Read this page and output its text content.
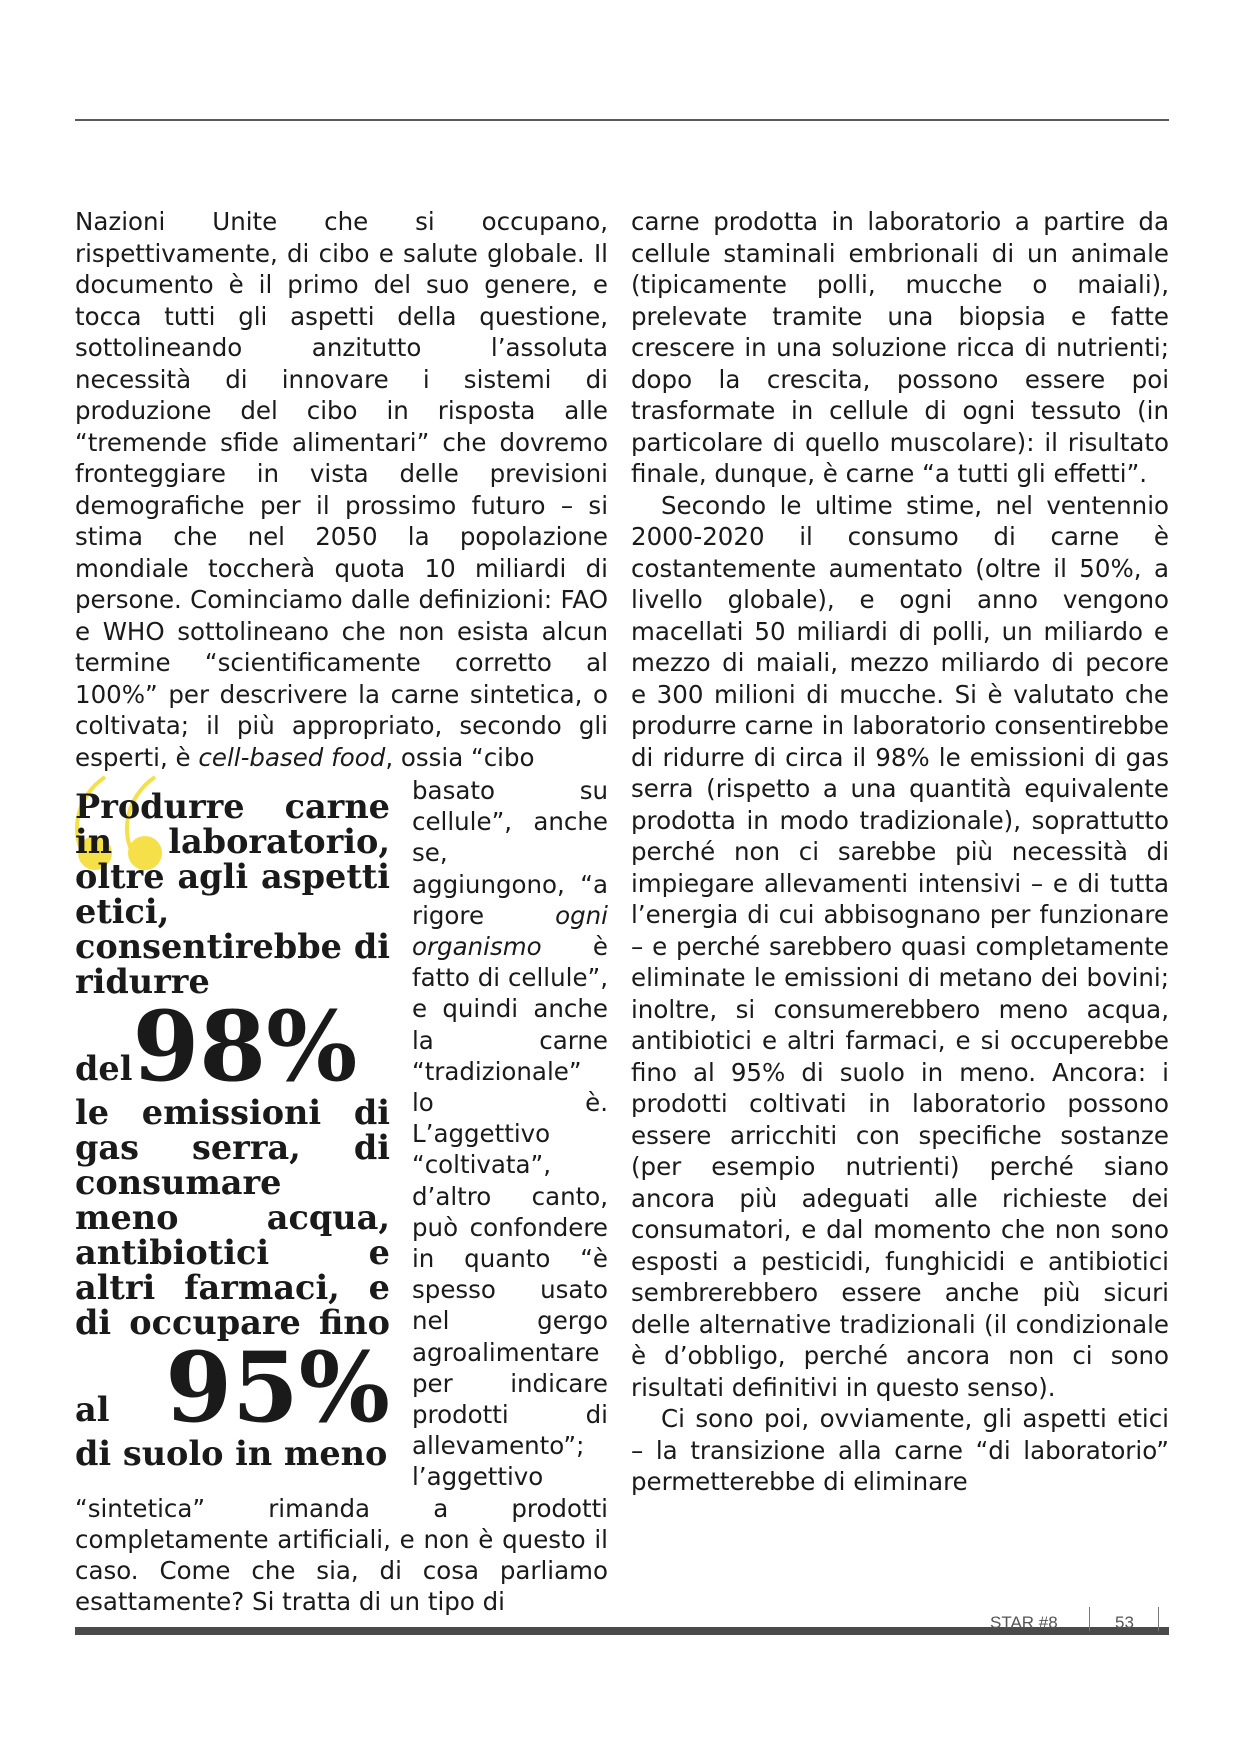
Nazioni Unite che si occupano, rispettivamente, di cibo e salute globale. Il documento è il primo del suo genere, e tocca tutti gli aspetti della questione, sottolineando anzitutto l’assoluta necessità di innovare i sistemi di produzione del cibo in risposta alle “tremende sfide alimentari” che dovremo fronteggiare in vista delle previsioni demografiche per il prossimo futuro – si stima che nel 2050 la popolazione mondiale toccherà quota 10 miliardi di persone. Cominciamo dalle definizioni: FAO e WHO sottolineano che non esista alcun termine “scientificamente corretto al 100%” per descrivere la carne sintetica, o coltivata; il più appropriato, secondo gli esperti, è cell-based food, ossia “cibo

Produrre carne in laboratorio, oltre agli aspetti etici, consentirebbe di ridurre del98% le emissioni di gas serra, di consumare meno acqua, antibiotici e altri farmaci, e di occupare fino al 95% di suolo in meno

basato su cellule”, anche se, aggiungono, “a rigore	ogni organismo è fatto di cellule”, e quindi anche la carne “tradizionale” lo è. L’aggettivo “coltivata”, d’altro canto, può confondere in quanto “è spesso usato nel gergo agroalimentare per indicare prodotti di allevamento”; l’aggettivo “sintetica” rimanda a prodotti completamente artificiali, e non è questo il caso. Come che sia, di cosa parliamo esattamente? Si tratta di un tipo di

carne prodotta in laboratorio a partire da cellule staminali embrionali di un animale (tipicamente polli, mucche o maiali), prelevate tramite una biopsia e fatte crescere in una soluzione ricca di nutrienti; dopo la crescita, possono essere poi trasformate in cellule di ogni tessuto (in particolare di quello muscolare): il risultato finale, dunque, è carne “a tutti gli effetti”.

Secondo le ultime stime, nel ventennio 2000-2020 il consumo di carne è costantemente aumentato (oltre il 50%, a livello globale), e ogni anno vengono macellati 50 miliardi di polli, un miliardo e mezzo di maiali, mezzo miliardo di pecore e 300 milioni di mucche. Si è valutato che produrre carne in laboratorio consentirebbe di ridurre di circa il 98% le emissioni di gas serra (rispetto a una quantità equivalente prodotta in modo tradizionale), soprattutto perché non ci sarebbe più necessità di impiegare allevamenti intensivi – e di tutta l’energia di cui abbisognano per funzionare – e perché sarebbero quasi completamente eliminate le emissioni di metano dei bovini; inoltre, si consumerebbero meno acqua, antibiotici e altri farmaci, e si occuperebbe fino al 95% di suolo in meno. Ancora: i prodotti coltivati in laboratorio possono essere arricchiti con specifiche sostanze (per esempio nutrienti) perché siano ancora più adeguati alle richieste dei consumatori, e dal momento che non sono esposti a pesticidi, funghicidi e antibiotici sembrerebbero essere anche più sicuri delle alternative tradizionali (il condizionale è d’obbligo, perché ancora non ci sono risultati definitivi in questo senso).

Ci sono poi, ovviamente, gli aspetti etici – la transizione alla carne “di laboratorio” permetterebbe di eliminare

STAR #8	53
